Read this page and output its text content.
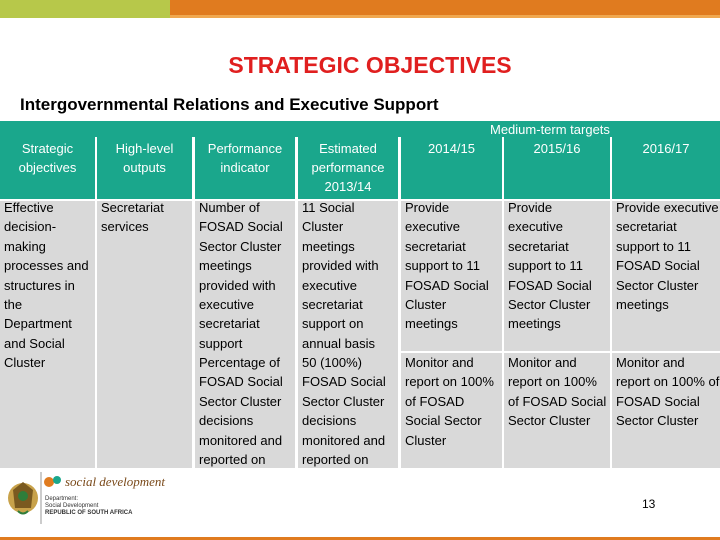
STRATEGIC OBJECTIVES
Intergovernmental Relations and Executive Support
Medium-term targets
Strategic objectives
High-level outputs
Performance indicator
Estimated performance 2013/14
2014/15	2015/16	2016/17
Effective decision-making processes and structures in the Department and Social Cluster
Secretariat services
Number of FOSAD Social Sector Cluster meetings provided with executive secretariat support
11 Social Cluster meetings provided with executive secretariat support on annual basis
Provide executive secretariat support to 11 FOSAD Social Cluster meetings
Provide executive secretariat support to 11 FOSAD Social Sector Cluster meetings
Provide executive secretariat support to 11 FOSAD Social Sector Cluster meetings
Percentage of FOSAD Social Sector Cluster decisions monitored and reported on
50 (100%) FOSAD Social Sector Cluster decisions monitored and reported on
Monitor and report on 100% of FOSAD Social Sector Cluster
Monitor and report on 100% of FOSAD Social Sector Cluster
Monitor and report on 100% of FOSAD Social Sector Cluster
social development
Department:
Social Development
REPUBLIC OF SOUTH AFRICA
13
